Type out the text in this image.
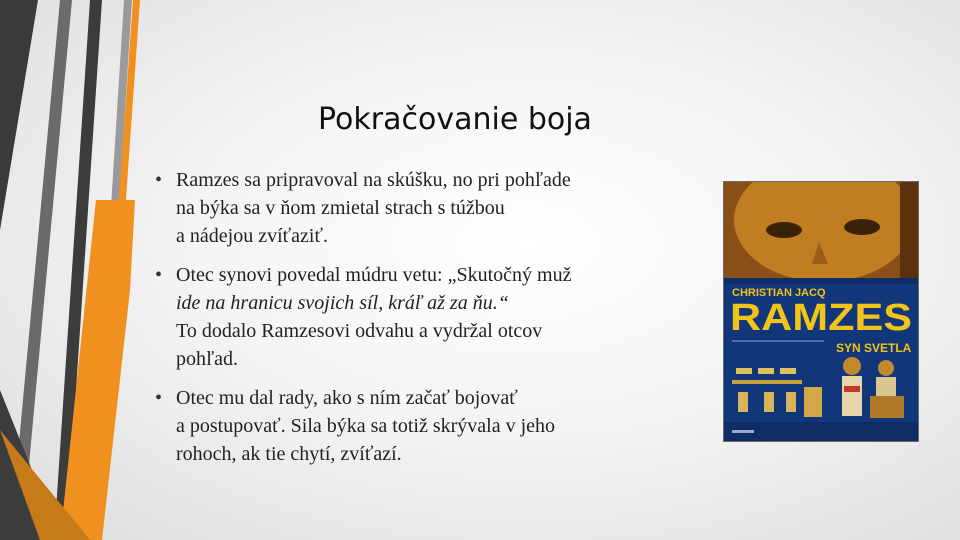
Pokračovanie boja
• Ramzes sa pripravoval na skúšku, no pri pohľade
na býka sa v ňom zmietal strach s túžbou
a nádejou zvíťaziť.
• Otec synovi povedal múdru vetu: „Skutočný muž
ide na hranicu svojich síl, kráľ až za ňu.“
To dodalo Ramzesovi odvahu a vydržal otcov
pohľad.
• Otec mu dal rady, ako s ním začať bojovať
a postupovať. Sila býka sa totiž skrývala v jeho
rohoch, ak tie chytí, zvíťazí.
CHRISTIAN JACQ
RAMZES
SYN SVETLA
